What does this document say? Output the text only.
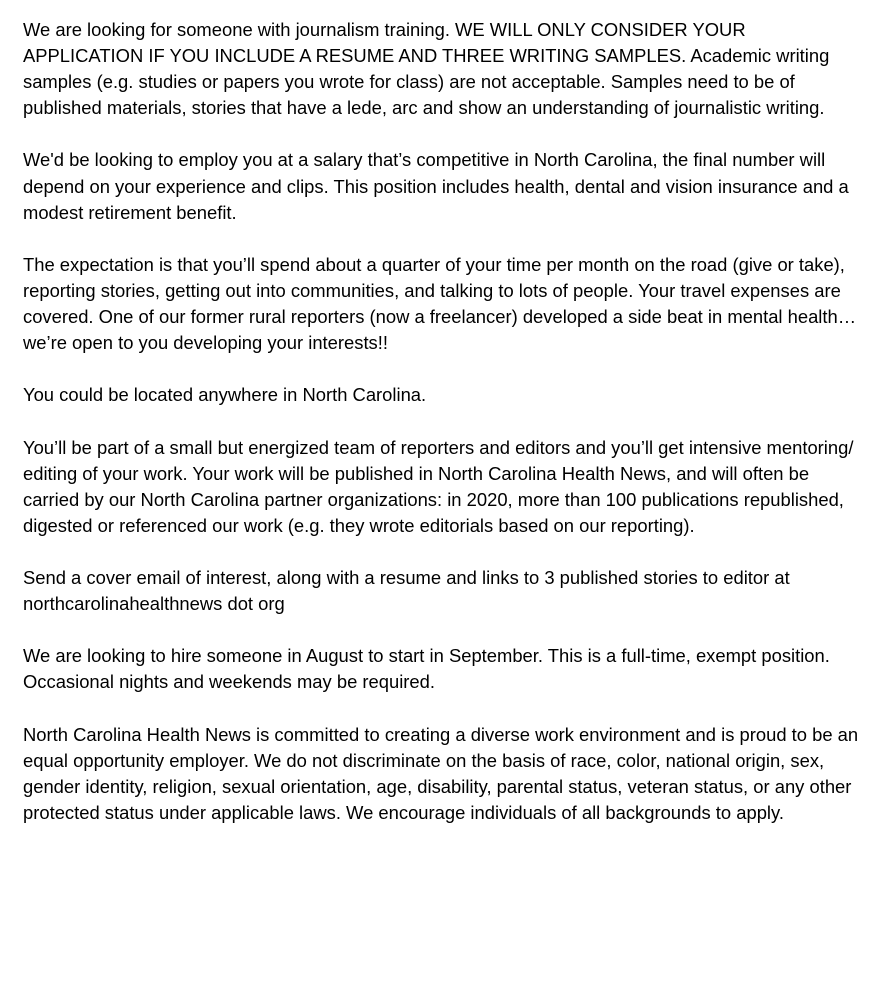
We are looking for someone with journalism training. WE WILL ONLY CONSIDER YOUR APPLICATION IF YOU INCLUDE A RESUME AND THREE WRITING SAMPLES. Academic writing samples (e.g. studies or papers you wrote for class) are not acceptable. Samples need to be of published materials, stories that have a lede, arc and show an understanding of journalistic writing.

We'd be looking to employ you at a salary that’s competitive in North Carolina, the final number will depend on your experience and clips. This position includes health, dental and vision insurance and a modest retirement benefit.

The expectation is that you’ll spend about a quarter of your time per month on the road (give or take), reporting stories, getting out into communities, and talking to lots of people. Your travel expenses are covered. One of our former rural reporters (now a freelancer) developed a side beat in mental health… we’re open to you developing your interests!!

You could be located anywhere in North Carolina.

You’ll be part of a small but energized team of reporters and editors and you’ll get intensive mentoring/ editing of your work. Your work will be published in North Carolina Health News, and will often be carried by our North Carolina partner organizations: in 2020, more than 100 publications republished, digested or referenced our work (e.g. they wrote editorials based on our reporting).

Send a cover email of interest, along with a resume and links to 3 published stories to editor at northcarolinahealthnews dot org

We are looking to hire someone in August to start in September. This is a full-time, exempt position. Occasional nights and weekends may be required.

North Carolina Health News is committed to creating a diverse work environment and is proud to be an equal opportunity employer. We do not discriminate on the basis of race, color, national origin, sex, gender identity, religion, sexual orientation, age, disability, parental status, veteran status, or any other protected status under applicable laws. We encourage individuals of all backgrounds to apply.
